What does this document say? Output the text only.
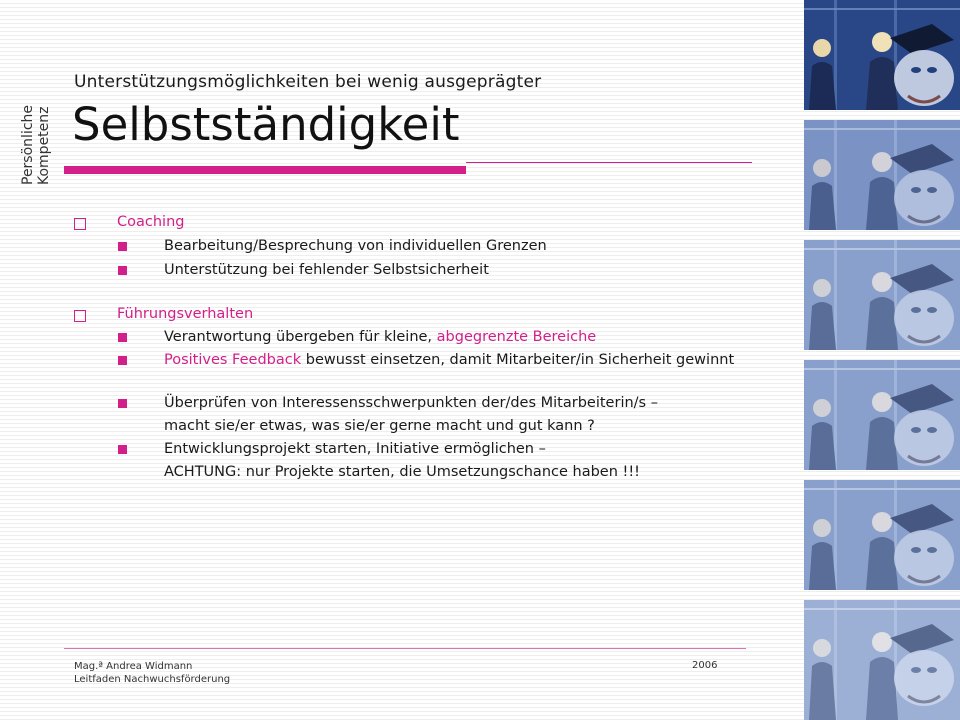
Persönliche Kompetenz
Unterstützungsmöglichkeiten bei wenig ausgeprägter
Selbstständigkeit
Coaching
Bearbeitung/Besprechung von individuellen Grenzen
Unterstützung bei fehlender Selbstsicherheit
Führungsverhalten
Verantwortung übergeben für kleine, abgegrenzte Bereiche
Positives Feedback bewusst einsetzen, damit Mitarbeiter/in Sicherheit gewinnt
Überprüfen von Interessensschwerpunkten der/des Mitarbeiterin/s –
macht sie/er etwas, was sie/er gerne macht und gut kann ?
Entwicklungsprojekt starten, Initiative ermöglichen –
ACHTUNG: nur Projekte starten, die Umsetzungschance haben !!!
Mag.ª Andrea Widmann
Leitfaden Nachwuchsförderung
2006
